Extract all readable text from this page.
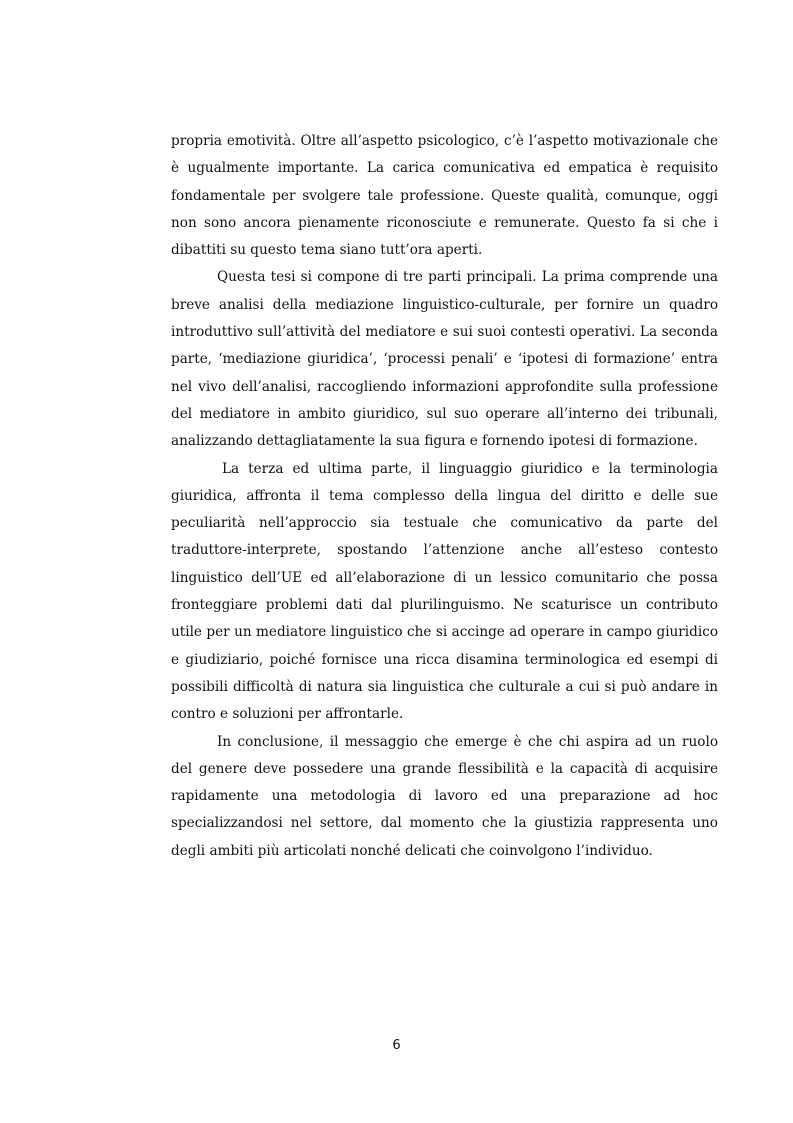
propria emotività. Oltre all’aspetto psicologico, c’è l’aspetto motivazionale che è ugualmente importante. La carica comunicativa ed empatica è requisito fondamentale per svolgere tale professione. Queste qualità, comunque, oggi non sono ancora pienamente riconosciute e remunerate. Questo fa si che i dibattiti su questo tema siano tutt’ora aperti.

Questa tesi si compone di tre parti principali. La prima comprende una breve analisi della mediazione linguistico-culturale, per fornire un quadro introduttivo sull’attività del mediatore e sui suoi contesti operativi. La seconda parte, ‘mediazione giuridica’, ‘processi penali’ e ‘ipotesi di formazione’ entra nel vivo dell’analisi, raccogliendo informazioni approfondite sulla professione del mediatore in ambito giuridico, sul suo operare all’interno dei tribunali, analizzando dettagliatamente la sua figura e fornendo ipotesi di formazione.

La terza ed ultima parte, il linguaggio giuridico e la terminologia giuridica, affronta il tema complesso della lingua del diritto e delle sue peculiarità nell’approccio sia testuale che comunicativo da parte del traduttore-interprete, spostando l’attenzione anche all’esteso contesto linguistico dell’UE ed all’elaborazione di un lessico comunitario che possa fronteggiare problemi dati dal plurilinguismo. Ne scaturisce un contributo utile per un mediatore linguistico che si accinge ad operare in campo giuridico e giudiziario, poiché fornisce una ricca disamina terminologica ed esempi di possibili difficoltà di natura sia linguistica che culturale a cui si può andare in contro e soluzioni per affrontarle.

In conclusione, il messaggio che emerge è che chi aspira ad un ruolo del genere deve possedere una grande flessibilità e la capacità di acquisire rapidamente una metodologia di lavoro ed una preparazione ad hoc specializzandosi nel settore, dal momento che la giustizia rappresenta uno degli ambiti più articolati nonché delicati che coinvolgono l’individuo.

6
